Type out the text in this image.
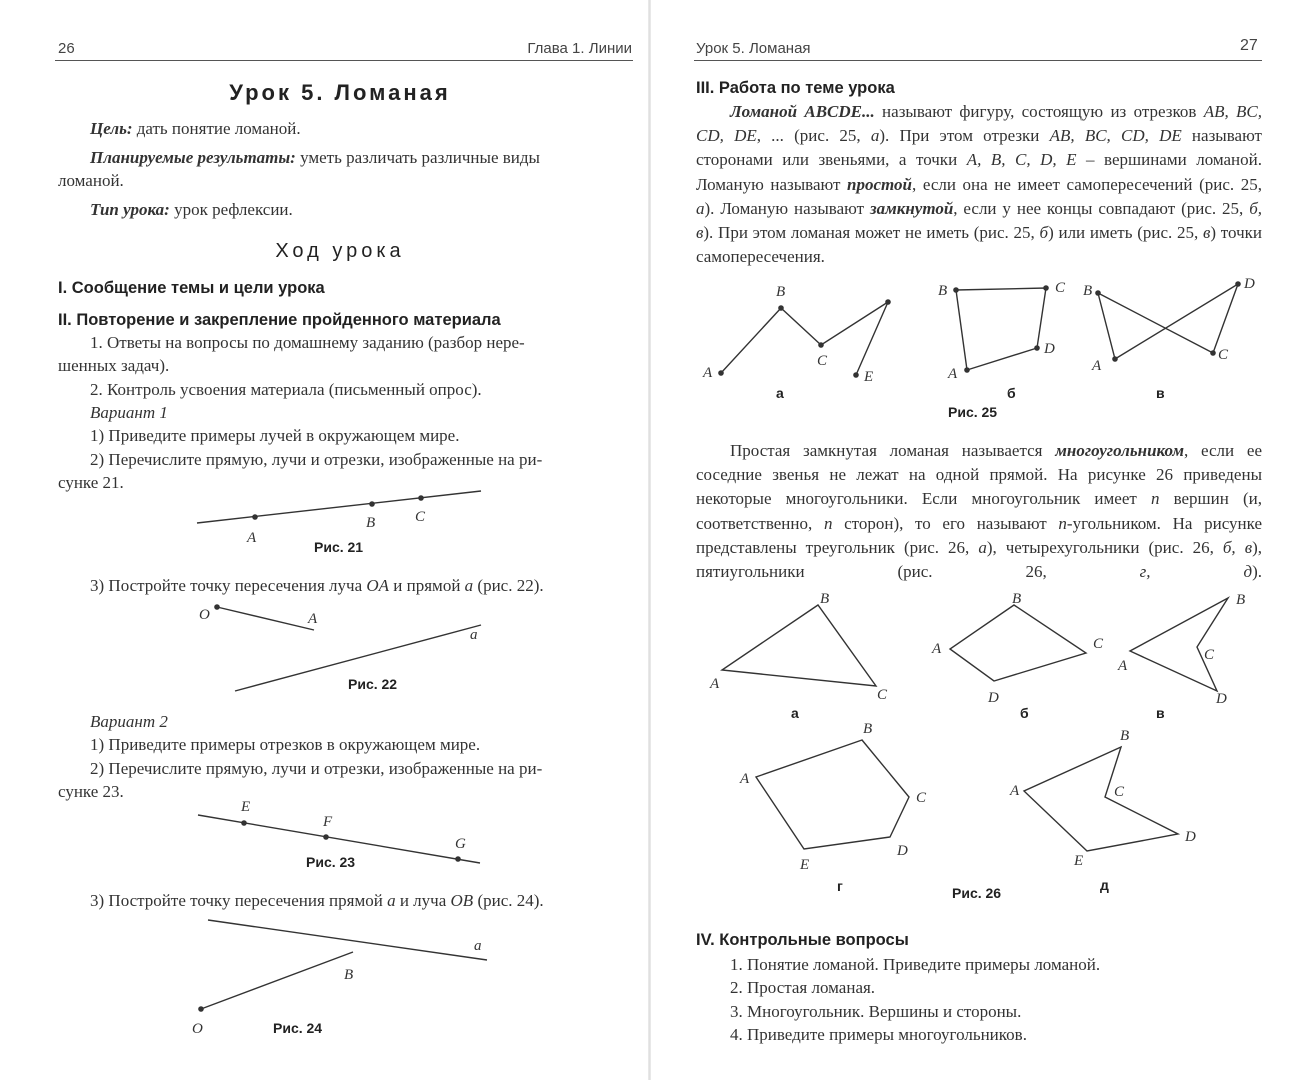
26	Глава 1. Линии
Урок 5. Ломаная
Цель: дать понятие ломаной.
Планируемые результаты: уметь различать различные виды
ломаной.
Тип урока: урок рефлексии.
Ход урока
I. Сообщение темы и цели урока
II. Повторение и закрепление пройденного материала
1. Ответы на вопросы по домашнему заданию (разбор нере-
шенных задач).
2. Контроль усвоения материала (письменный опрос).
Вариант 1
1) Приведите примеры лучей в окружающем мире.
2) Перечислите прямую, лучи и отрезки, изображенные на ри-
сунке 21.
A
B	C
Рис. 21
3) Постройте точку пересечения луча OA и прямой a (рис. 22).
O	A
a
Рис. 22
Вариант 2
1) Приведите примеры отрезков в окружающем мире.
2) Перечислите прямую, лучи и отрезки, изображенные на ри-
сунке 23.
E
F
G
Рис. 23
3) Постройте точку пересечения прямой a и луча OB (рис. 24).
a
B
O	Рис. 24
Урок 5. Ломаная	27
III. Работа по теме урока
Ломаной ABCDE... называют фигуру, состоящую из отрезков AB, BC, CD, DE, ... (рис. 25, а). При этом отрезки AB, BC, CD, DE называют сторонами или звеньями, а точки A, B, C, D, E – вершинами ломаной. Ломаную называют простой, если она не имеет самопересечений (рис. 25, а). Ломаную называют замкнутой, если у нее концы совпадают (рис. 25, б, в). При этом ломаная может не иметь (рис. 25, б) или иметь (рис. 25, в) точки самопересечения.
A
B
C
E
а
B	C
D
A
б
B	D
A
C
в
Рис. 25
Простая замкнутая ломаная называется многоугольником, если ее соседние звенья не лежат на одной прямой. На рисунке 26 приведены некоторые многоугольники. Если многоугольник имеет n вершин (и, соответственно, n сторон), то его называют n-угольником. На рисунке представлены треугольник (рис. 26, а), четырехугольники (рис. 26, б, в), пятиугольники (рис. 26, г, д).
B
A
C
а
B
A	C
D
б
B
A
C
D
в
B
A
C
D
E
г
B
A	C
D
E
д
Рис. 26
IV. Контрольные вопросы
1. Понятие ломаной. Приведите примеры ломаной.
2. Простая ломаная.
3. Многоугольник. Вершины и стороны.
4. Приведите примеры многоугольников.
